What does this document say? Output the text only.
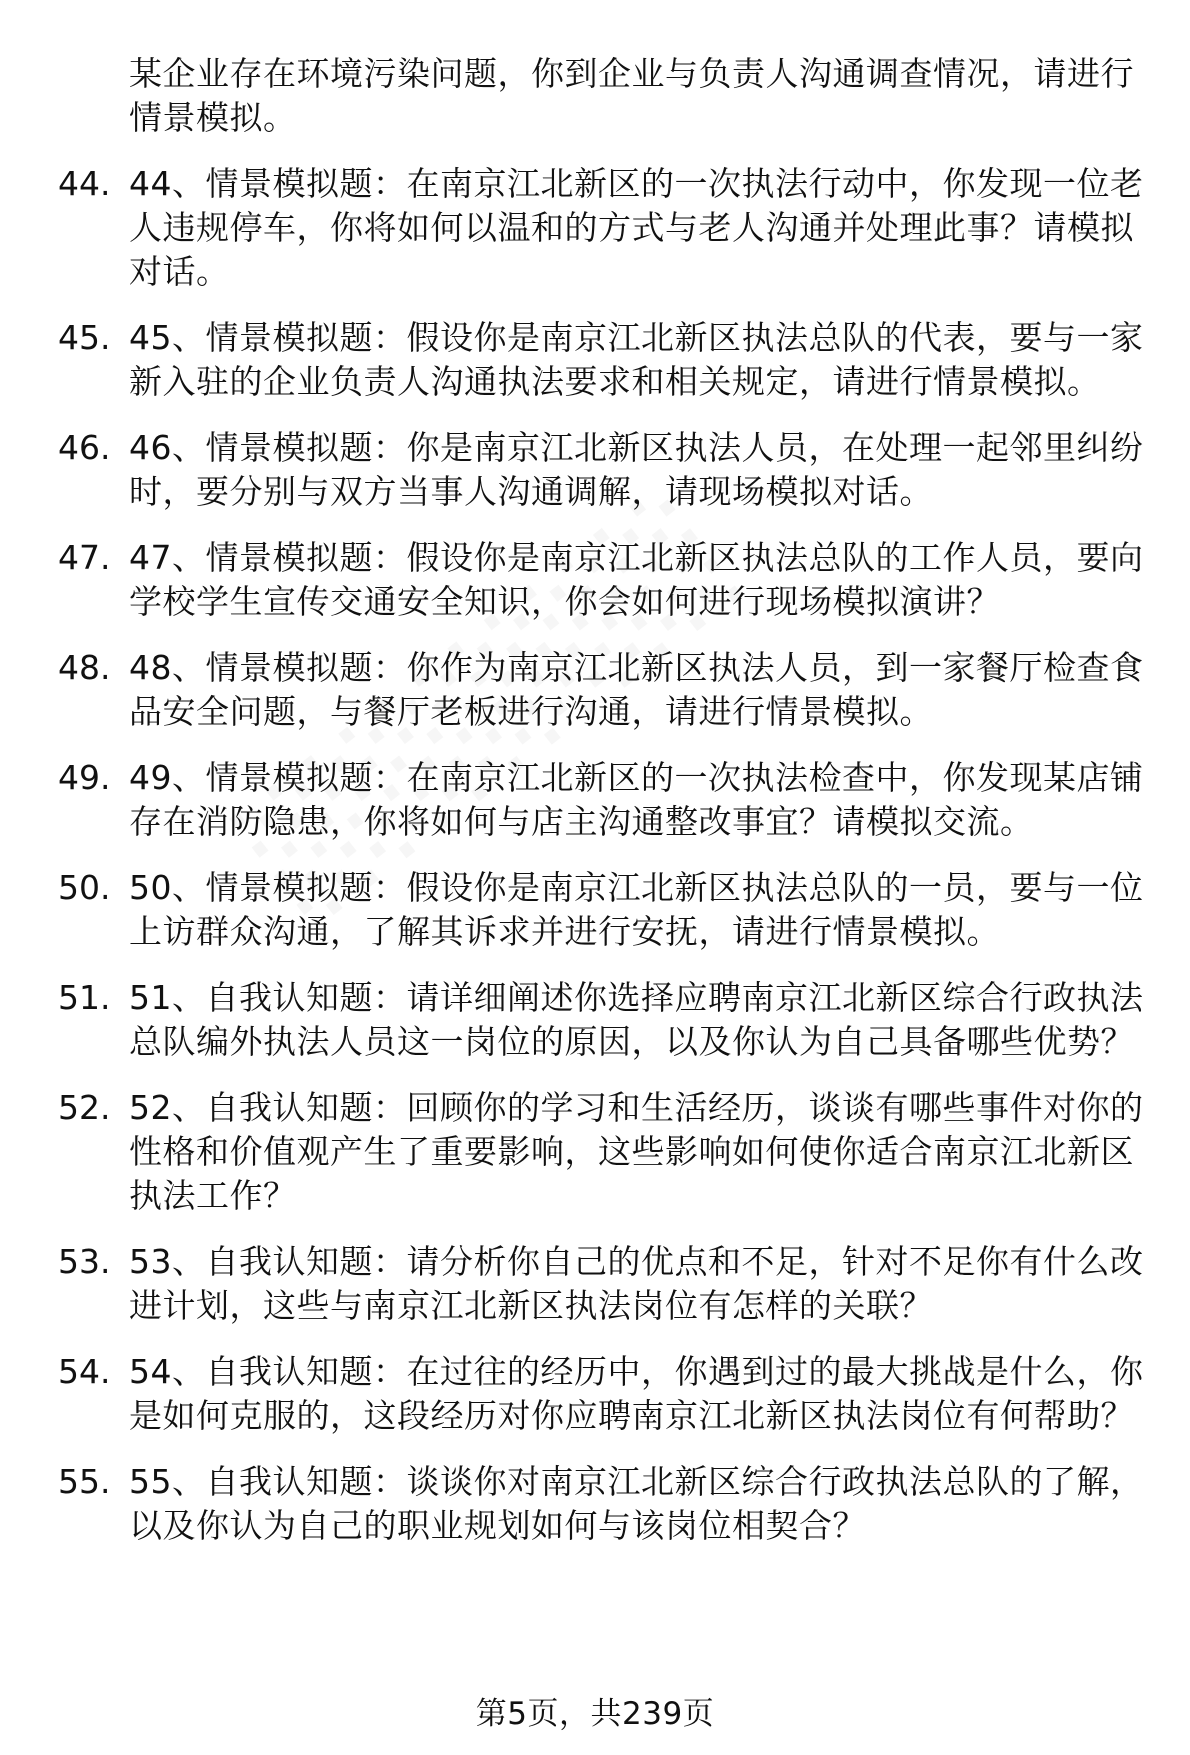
某企业存在环境污染问题，你到企业与负责人沟通调查情况，请进行情景模拟。
44. 44、情景模拟题：在南京江北新区的一次执法行动中，你发现一位老人违规停车，你将如何以温和的方式与老人沟通并处理此事？请模拟对话。
45. 45、情景模拟题：假设你是南京江北新区执法总队的代表，要与一家新入驻的企业负责人沟通执法要求和相关规定，请进行情景模拟。
46. 46、情景模拟题：你是南京江北新区执法人员，在处理一起邻里纠纷时，要分别与双方当事人沟通调解，请现场模拟对话。
47. 47、情景模拟题：假设你是南京江北新区执法总队的工作人员，要向学校学生宣传交通安全知识，你会如何进行现场模拟演讲？
48. 48、情景模拟题：你作为南京江北新区执法人员，到一家餐厅检查食品安全问题，与餐厅老板进行沟通，请进行情景模拟。
49. 49、情景模拟题：在南京江北新区的一次执法检查中，你发现某店铺存在消防隐患，你将如何与店主沟通整改事宜？请模拟交流。
50. 50、情景模拟题：假设你是南京江北新区执法总队的一员，要与一位上访群众沟通，了解其诉求并进行安抚，请进行情景模拟。
51. 51、自我认知题：请详细阐述你选择应聘南京江北新区综合行政执法总队编外执法人员这一岗位的原因，以及你认为自己具备哪些优势？
52. 52、自我认知题：回顾你的学习和生活经历，谈谈有哪些事件对你的性格和价值观产生了重要影响，这些影响如何使你适合南京江北新区执法工作？
53. 53、自我认知题：请分析你自己的优点和不足，针对不足你有什么改进计划，这些与南京江北新区执法岗位有怎样的关联？
54. 54、自我认知题：在过往的经历中，你遇到过的最大挑战是什么，你是如何克服的，这段经历对你应聘南京江北新区执法岗位有何帮助？
55. 55、自我认知题：谈谈你对南京江北新区综合行政执法总队的了解，以及你认为自己的职业规划如何与该岗位相契合？
第5页，共239页
